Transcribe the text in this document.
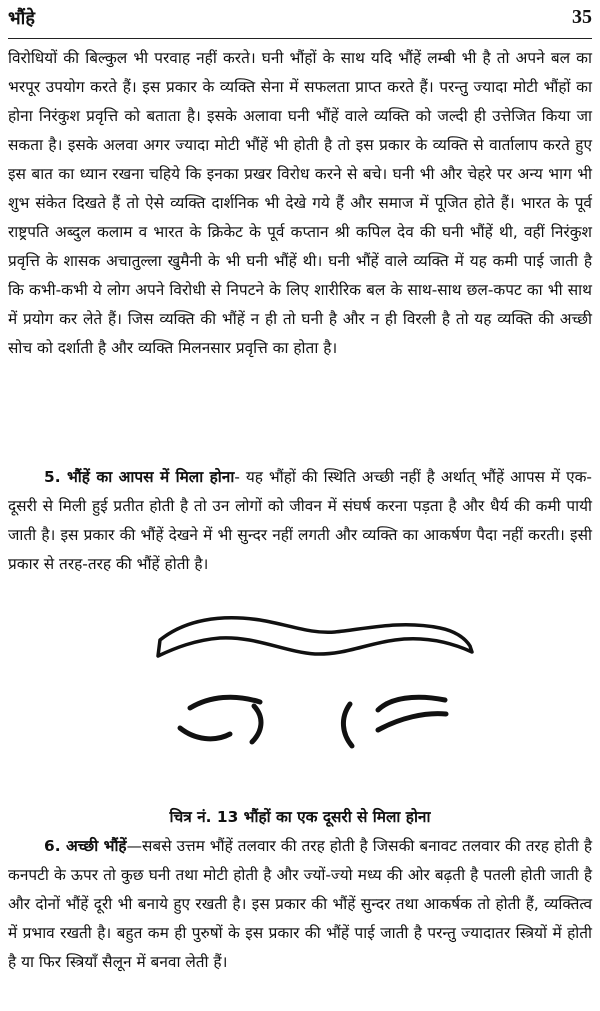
भौंहे	35

विरोधियों की बिल्कुल भी परवाह नहीं करते। घनी भौंहों के साथ यदि भौंहें लम्बी भी है तो अपने बल का भरपूर उपयोग करते हैं। इस प्रकार के व्यक्ति सेना में सफलता प्राप्त करते हैं। परन्तु ज्यादा मोटी भौंहों का होना निरंकुश प्रवृत्ति को बताता है। इसके अलावा घनी भौंहें वाले व्यक्ति को जल्दी ही उत्तेजित किया जा सकता है। इसके अलवा अगर ज्यादा मोटी भौंहें भी होती है तो इस प्रकार के व्यक्ति से वार्तालाप करते हुए इस बात का ध्यान रखना चहिये कि इनका प्रखर विरोध करने से बचे। घनी भी और चेहरे पर अन्य भाग भी शुभ संकेत दिखते हैं तो ऐसे व्यक्ति दार्शनिक भी देखे गये हैं और समाज में पूजित होते हैं। भारत के पूर्व राष्ट्रपति अब्दुल कलाम व भारत के क्रिकेट के पूर्व कप्तान श्री कपिल देव की घनी भौंहें थी, वहीं निरंकुश प्रवृत्ति के शासक अचातुल्ला खुमैनी के भी घनी भौंहें थी। घनी भौंहें वाले व्यक्ति में यह कमी पाई जाती है कि कभी-कभी ये लोग अपने विरोधी से निपटने के लिए शारीरिक बल के साथ-साथ छल-कपट का भी साथ में प्रयोग कर लेते हैं। जिस व्यक्ति की भौंहें न ही तो घनी है और न ही विरली है तो यह व्यक्ति की अच्छी सोच को दर्शाती है और व्यक्ति मिलनसार प्रवृत्ति का होता है।

5. भौंहें का आपस में मिला होना- यह भौंहों की स्थिति अच्छी नहीं है अर्थात् भौंहें आपस में एक-दूसरी से मिली हुई प्रतीत होती है तो उन लोगों को जीवन में संघर्ष करना पड़ता है और धैर्य की कमी पायी जाती है। इस प्रकार की भौंहें देखने में भी सुन्दर नहीं लगती और व्यक्ति का आकर्षण पैदा नहीं करती। इसी प्रकार से तरह-तरह की भौंहें होती है।

चित्र नं. 13 भौंहों का एक दूसरी से मिला होना

6. अच्छी भौंहें—सबसे उत्तम भौंहें तलवार की तरह होती है जिसकी बनावट तलवार की तरह होती है कनपटी के ऊपर तो कुछ घनी तथा मोटी होती है और ज्यों-ज्यो मध्य की ओर बढ़ती है पतली होती जाती है और दोनों भौंहें दूरी भी बनाये हुए रखती है। इस प्रकार की भौंहें सुन्दर तथा आकर्षक तो होती हैं, व्यक्तित्व में प्रभाव रखती है। बहुत कम ही पुरुषों के इस प्रकार की भौंहें पाई जाती है परन्तु ज्यादातर स्त्रियों में होती है या फिर स्त्रियाँ सैलून में बनवा लेती हैं।
